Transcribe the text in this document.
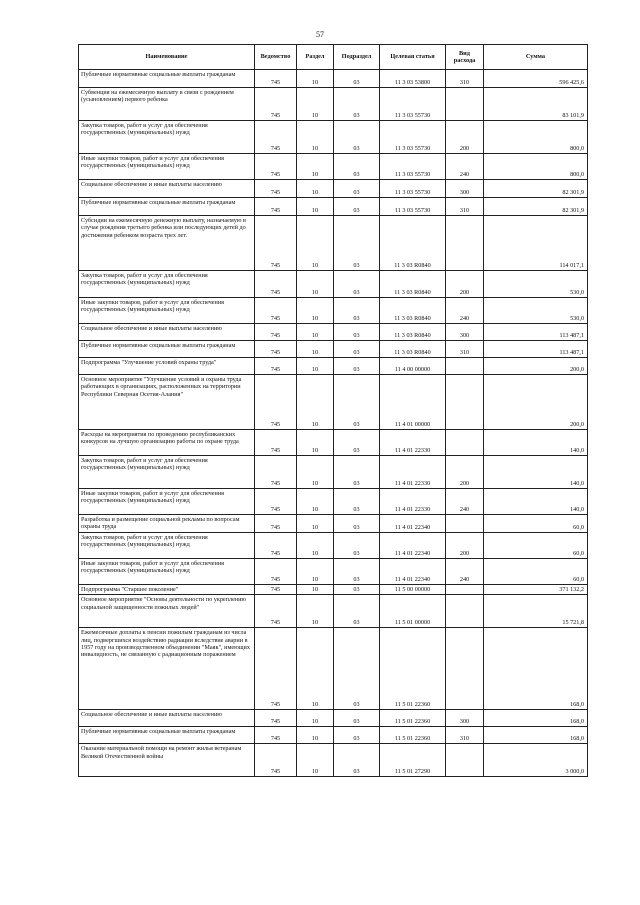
57
Наименование	Ведомство	Раздел	Подраздел	Целевая статья	Вид расхода	Сумма
Публичные нормативные социальные выплаты гражданам	745	10	03	11 3 03 53800	310	596 425,6
Субвенция на ежемесячную выплату в связи с рождением (усыновлением) первого ребенка	745	10	03	11 3 03 55730		83 101,9
Закупка товаров, работ и услуг для обеспечения государственных (муниципальных) нужд	745	10	03	11 3 03 55730	200	800,0
Иные закупки товаров, работ и услуг для обеспечения государственных (муниципальных) нужд	745	10	03	11 3 03 55730	240	800,0
Социальное обеспечение и иные выплаты населению	745	10	03	11 3 03 55730	300	82 301,9
Публичные нормативные социальные выплаты гражданам	745	10	03	11 3 03 55730	310	82 301,9
Субсидии на ежемесячную денежную выплату, назначаемую в случае рождения третьего ребенка или последующих детей до достижения ребенком возраста трех лет.	745	10	03	11 3 03 R0840		114 017,1
Закупка товаров, работ и услуг для обеспечения государственных (муниципальных) нужд	745	10	03	11 3 03 R0840	200	530,0
Иные закупки товаров, работ и услуг для обеспечения государственных (муниципальных) нужд	745	10	03	11 3 03 R0840	240	530,0
Социальное обеспечение и иные выплаты населению	745	10	03	11 3 03 R0840	300	113 487,1
Публичные нормативные социальные выплаты гражданам	745	10	03	11 3 03 R0840	310	113 487,1
Подпрограмма "Улучшение условий охраны труда"	745	10	03	11 4 00 00000		200,0
Основное мероприятие "Улучшение условий и охраны труда работающих в организациях, расположенных на территории Республики Северная Осетия-Алания"	745	10	03	11 4 01 00000		200,0
Расходы на мероприятия по проведению республиканских конкурсов на лучшую организацию работы по охране труда	745	10	03	11 4 01 22330		140,0
Закупка товаров, работ и услуг для обеспечения государственных (муниципальных) нужд	745	10	03	11 4 01 22330	200	140,0
Иные закупки товаров, работ и услуг для обеспечения государственных (муниципальных) нужд	745	10	03	11 4 01 22330	240	140,0
Разработка и размещение социальной рекламы по вопросам охраны труда	745	10	03	11 4 01 22340		60,0
Закупка товаров, работ и услуг для обеспечения государственных (муниципальных) нужд	745	10	03	11 4 01 22340	200	60,0
Иные закупки товаров, работ и услуг для обеспечения государственных (муниципальных) нужд	745	10	03	11 4 01 22340	240	60,0
Подпрограмма "Старшее поколение"	745	10	03	11 5 00 00000		371 132,2
Основное мероприятие "Основы деятельности по укреплению социальной защищенности пожилых людей"	745	10	03	11 5 01 00000		15 721,8
Ежемесячные доплаты к пенсии пожилым гражданам из числа лиц, подвергшихся воздействию радиации вследствие аварии в 1957 году на производственном объединении "Маяк", имеющих инвалидность, не связанную с радиационным поражением	745	10	03	11 5 01 22360		168,0
Социальное обеспечение и иные выплаты населению	745	10	03	11 5 01 22360	300	168,0
Публичные нормативные социальные выплаты гражданам	745	10	03	11 5 01 22360	310	168,0
Оказание материальной помощи на ремонт жилья ветеранам Великой Отечественной войны	745	10	03	11 5 01 27290		3 000,0
